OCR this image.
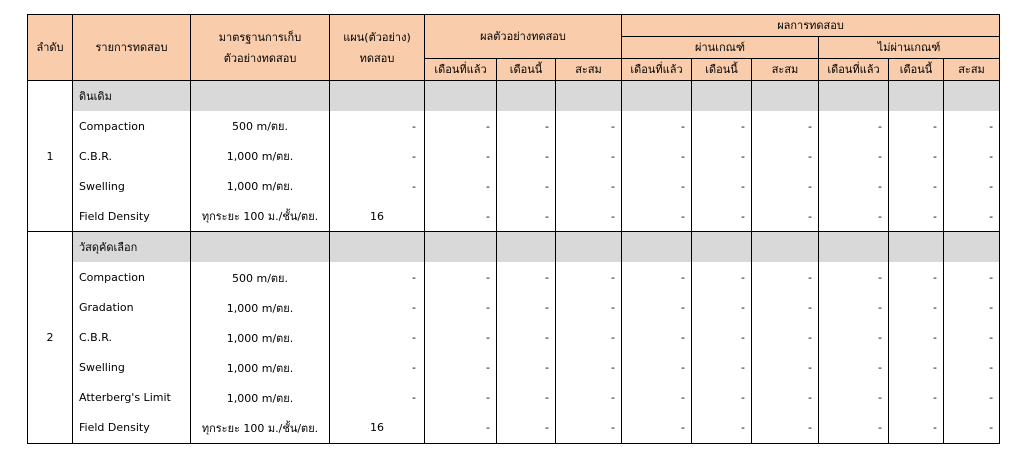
ลำดับ	รายการทดสอบ	มาตรฐานการเก็บตัวอย่างทดสอบ	แผน(ตัวอย่าง) ทดสอบ	ผลตัวอย่างทดสอบ			ผลการทดสอบ					
							ผ่านเกณฑ์			ไม่ผ่านเกณฑ์		
				เดือนที่แล้ว	เดือนนี้	สะสม	เดือนที่แล้ว	เดือนนี้	สะสม	เดือนที่แล้ว	เดือนนี้	สะสม
1	ดินเดิม											
	Compaction	500 m/ตย.	-	-	-	-	-	-	-	-	-	-
	C.B.R.	1,000 m/ตย.	-	-	-	-	-	-	-	-	-	-
	Swelling	1,000 m/ตย.	-	-	-	-	-	-	-	-	-	-
	Field Density	ทุกระยะ 100 ม./ชั้น/ตย.	16	-	-	-	-	-	-	-	-	-
2	วัสดุคัดเลือก											
	Compaction	500 m/ตย.	-	-	-	-	-	-	-	-	-	-
	Gradation	1,000 m/ตย.	-	-	-	-	-	-	-	-	-	-
	C.B.R.	1,000 m/ตย.	-	-	-	-	-	-	-	-	-	-
	Swelling	1,000 m/ตย.	-	-	-	-	-	-	-	-	-	-
	Atterberg's Limit	1,000 m/ตย.	-	-	-	-	-	-	-	-	-	-
	Field Density	ทุกระยะ 100 ม./ชั้น/ตย.	16	-	-	-	-	-	-	-	-	-
